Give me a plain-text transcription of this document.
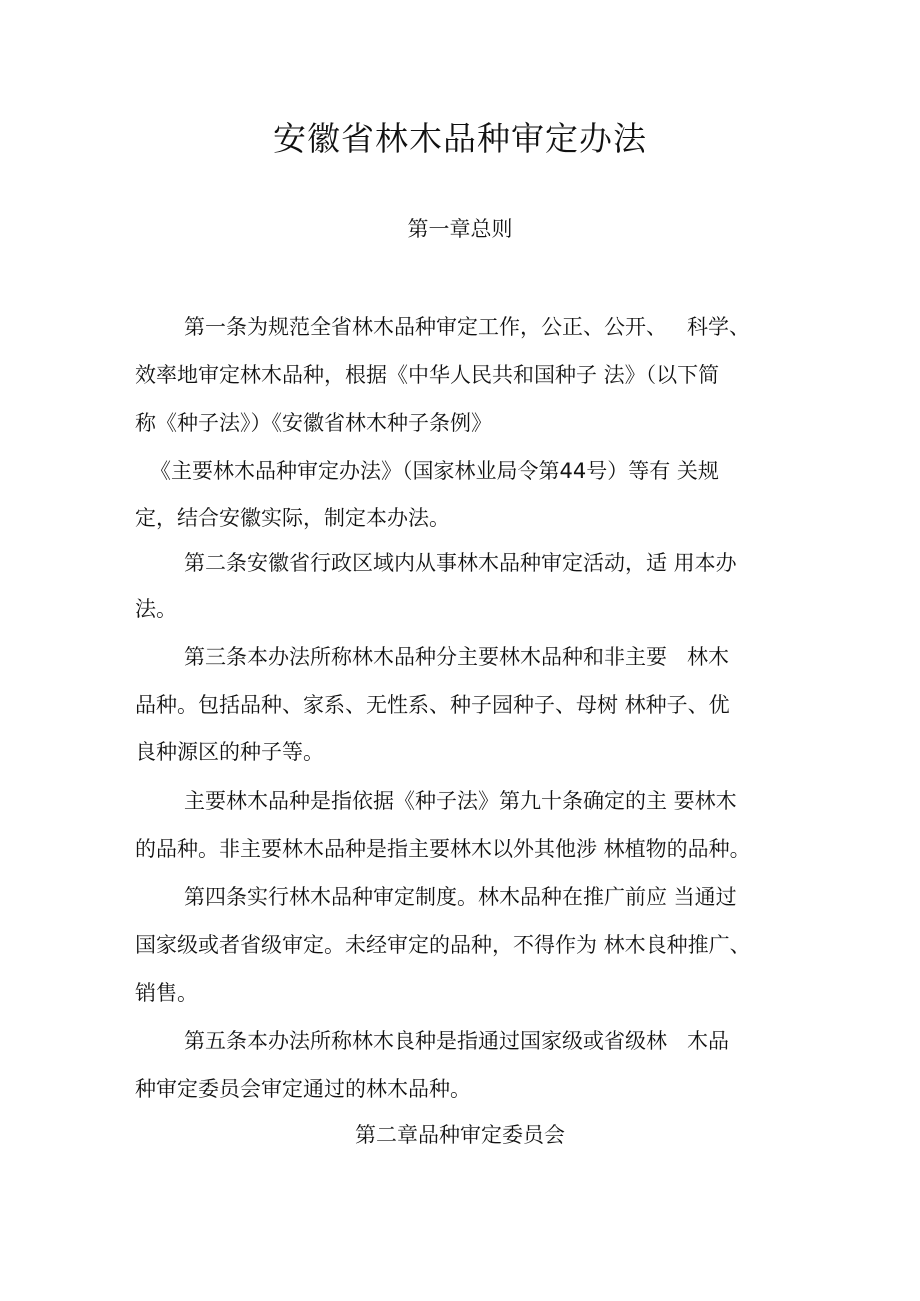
安徽省林木品种审定办法
第一章总则
第一条为规范全省林木品种审定工作，公正、公开、   科学、
效率地审定林木品种，根据《中华人民共和国种子 法》（以下简
称《种子法》）《安徽省林木种子条例》
《主要林木品种审定办法》（国家林业局令第44号）等有 关规
定，结合安徽实际，制定本办法。
第二条安徽省行政区域内从事林木品种审定活动，适 用本办
法。
第三条本办法所称林木品种分主要林木品种和非主要   林木
品种。包括品种、家系、无性系、种子园种子、母树 林种子、优
良种源区的种子等。
主要林木品种是指依据《种子法》第九十条确定的主 要林木
的品种。非主要林木品种是指主要林木以外其他涉 林植物的品种。
第四条实行林木品种审定制度。林木品种在推广前应 当通过
国家级或者省级审定。未经审定的品种，不得作为 林木良种推广、
销售。
第五条本办法所称林木良种是指通过国家级或省级林   木品
种审定委员会审定通过的林木品种。
第二章品种审定委员会
